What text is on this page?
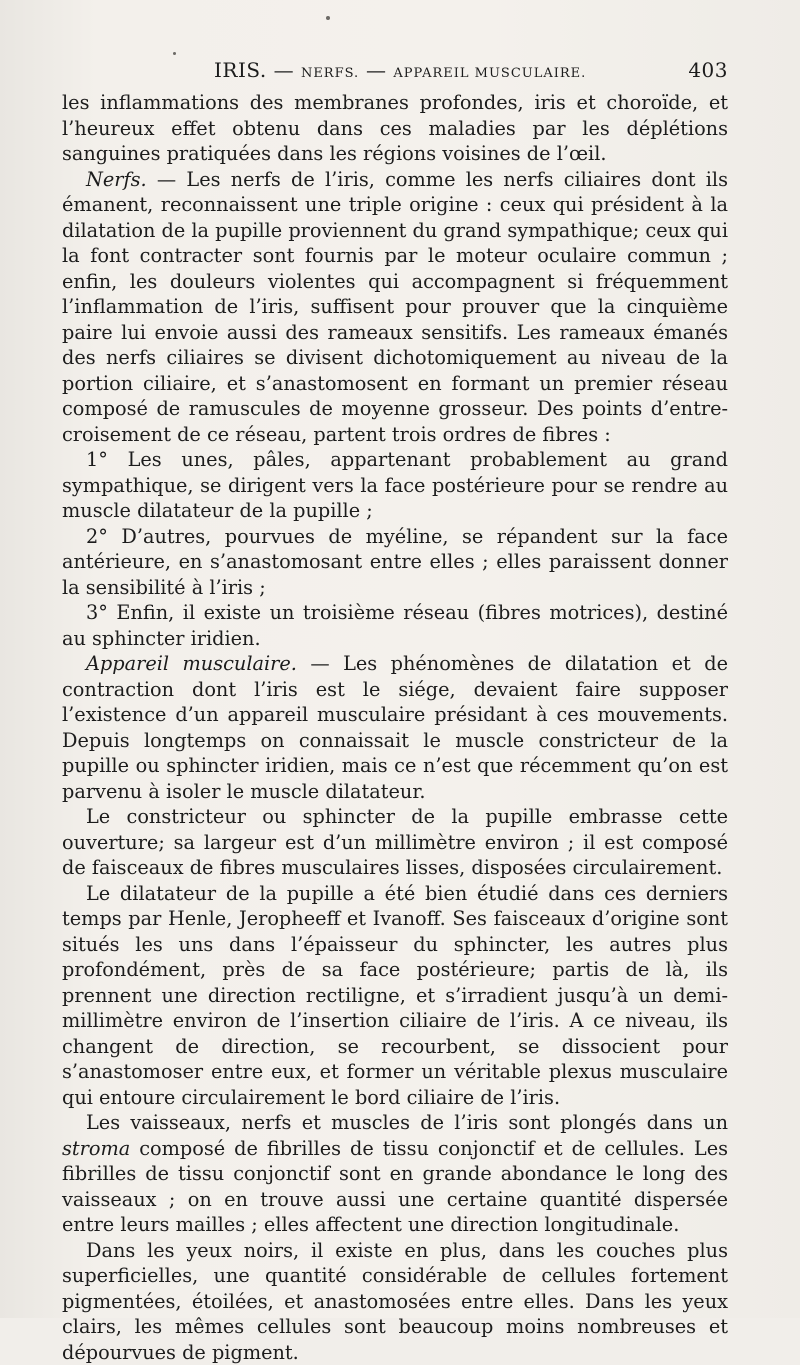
IRIS. — NERFS. — APPAREIL MUSCULAIRE.	403

les inflammations des membranes profondes, iris et choroïde, et l’heureux effet obtenu dans ces maladies par les déplétions sanguines pratiquées dans les régions voisines de l’œil.

Nerfs. — Les nerfs de l’iris, comme les nerfs ciliaires dont ils émanent, reconnaissent une triple origine : ceux qui président à la dilatation de la pupille proviennent du grand sympathique; ceux qui la font contracter sont fournis par le moteur oculaire commun ; enfin, les douleurs violentes qui accompagnent si fréquemment l’inflammation de l’iris, suffisent pour prouver que la cinquième paire lui envoie aussi des rameaux sensitifs. Les rameaux émanés des nerfs ciliaires se divisent dichotomiquement au niveau de la portion ciliaire, et s’anastomosent en formant un premier réseau composé de ramuscules de moyenne grosseur. Des points d’entre-croisement de ce réseau, partent trois ordres de fibres :

1° Les unes, pâles, appartenant probablement au grand sympathique, se dirigent vers la face postérieure pour se rendre au muscle dilatateur de la pupille ;

2° D’autres, pourvues de myéline, se répandent sur la face antérieure, en s’anastomosant entre elles ; elles paraissent donner la sensibilité à l’iris ;

3° Enfin, il existe un troisième réseau (fibres motrices), destiné au sphincter iridien.

Appareil musculaire. — Les phénomènes de dilatation et de contraction dont l’iris est le siége, devaient faire supposer l’existence d’un appareil musculaire présidant à ces mouvements. Depuis longtemps on connaissait le muscle constricteur de la pupille ou sphincter iridien, mais ce n’est que récemment qu’on est parvenu à isoler le muscle dilatateur.

Le constricteur ou sphincter de la pupille embrasse cette ouverture; sa largeur est d’un millimètre environ ; il est composé de faisceaux de fibres musculaires lisses, disposées circulairement.

Le dilatateur de la pupille a été bien étudié dans ces derniers temps par Henle, Jeropheeff et Ivanoff. Ses faisceaux d’origine sont situés les uns dans l’épaisseur du sphincter, les autres plus profondément, près de sa face postérieure; partis de là, ils prennent une direction rectiligne, et s’irradient jusqu’à un demi-millimètre environ de l’insertion ciliaire de l’iris. A ce niveau, ils changent de direction, se recourbent, se dissocient pour s’anastomoser entre eux, et former un véritable plexus musculaire qui entoure circulairement le bord ciliaire de l’iris.

Les vaisseaux, nerfs et muscles de l’iris sont plongés dans un stroma composé de fibrilles de tissu conjonctif et de cellules. Les fibrilles de tissu conjonctif sont en grande abondance le long des vaisseaux ; on en trouve aussi une certaine quantité dispersée entre leurs mailles ; elles affectent une direction longitudinale.

Dans les yeux noirs, il existe en plus, dans les couches plus superficielles, une quantité considérable de cellules fortement pigmentées, étoilées, et anastomosées entre elles. Dans les yeux clairs, les mêmes cellules sont beaucoup moins nombreuses et dépourvues de pigment.
